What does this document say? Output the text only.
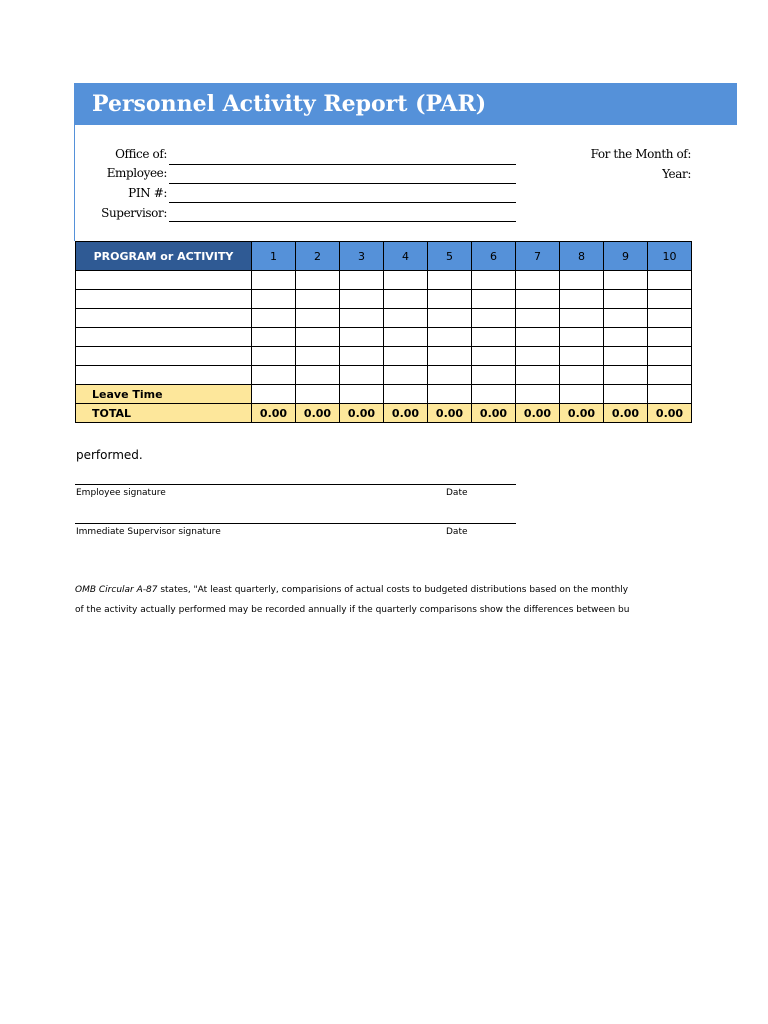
Personnel Activity Report (PAR)
Office of:
Employee:
PIN #:
Supervisor:
For the Month of:
Year:
PROGRAM or ACTIVITY	1	2	3	4	5	6	7	8	9	10

Leave Time										
TOTAL	0.00	0.00	0.00	0.00	0.00	0.00	0.00	0.00	0.00	0.00
performed.
Employee signature	Date
Immediate Supervisor signature	Date
OMB Circular A-87 states, "At least quarterly, comparisions of actual costs to budgeted distributions based on the monthly
of the activity actually performed may be recorded annually if the quarterly comparisons show the differences between bu
